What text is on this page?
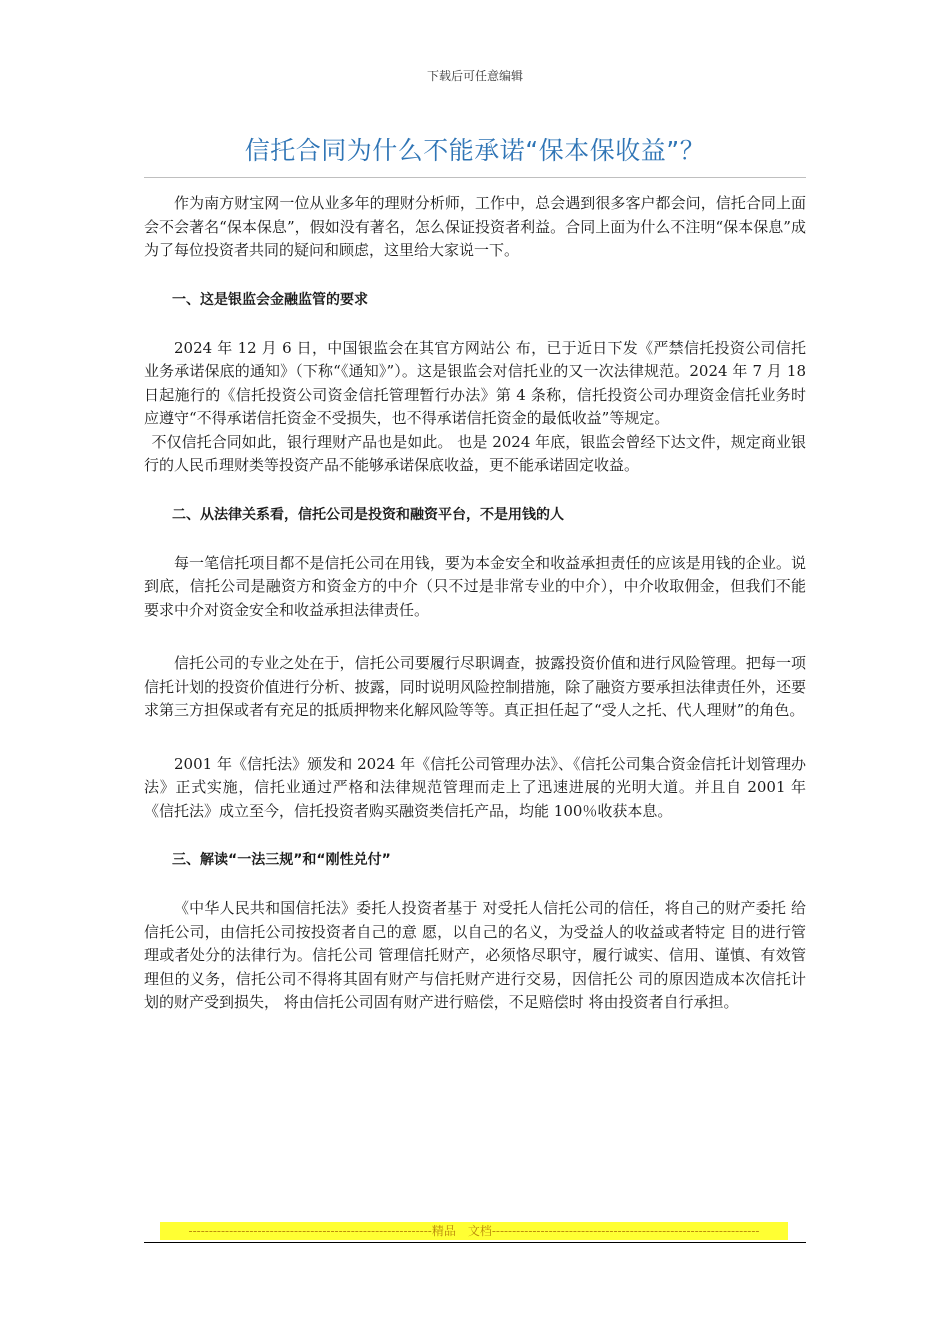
下载后可任意编辑
信托合同为什么不能承诺“保本保收益”？

作为南方财宝网一位从业多年的理财分析师，工作中，总会遇到很多客户都会问，信托合同上面会不会著名“保本保息”，假如没有著名，怎么保证投资者利益。合同上面为什么不注明“保本保息”成为了每位投资者共同的疑问和顾虑，这里给大家说一下。

一、这是银监会金融监管的要求

2024 年 12 月 6 日，中国银监会在其官方网站公 布，已于近日下发《严禁信托投资公司信托业务承诺保底的通知》（下称“《通知》”）。这是银监会对信托业的又一次法律规范。2024 年 7 月 18 日起施行的《信托投资公司资金信托管理暂行办法》第 4 条称，信托投资公司办理资金信托业务时应遵守“不得承诺信托资金不受损失，也不得承诺信托资金的最低收益”等规定。

不仅信托合同如此，银行理财产品也是如此。 也是 2024 年底，银监会曾经下达文件，规定商业银行的人民币理财类等投资产品不能够承诺保底收益，更不能承诺固定收益。

二、从法律关系看，信托公司是投资和融资平台，不是用钱的人

每一笔信托项目都不是信托公司在用钱，要为本金安全和收益承担责任的应该是用钱的企业。说到底，信托公司是融资方和资金方的中介（只不过是非常专业的中介），中介收取佣金，但我们不能要求中介对资金安全和收益承担法律责任。

信托公司的专业之处在于，信托公司要履行尽职调查，披露投资价值和进行风险管理。把每一项信托计划的投资价值进行分析、披露，同时说明风险控制措施，除了融资方要承担法律责任外，还要求第三方担保或者有充足的抵质押物来化解风险等等。真正担任起了“受人之托、代人理财”的角色。

2001 年《信托法》颁发和 2024 年《信托公司管理办法》、《信托公司集合资金信托计划管理办法》正式实施，信托业通过严格和法律规范管理而走上了迅速进展的光明大道。并且自 2001 年《信托法》成立至今，信托投资者购买融资类信托产品，均能 100％收获本息。

三、解读“一法三规”和“刚性兑付”

《中华人民共和国信托法》委托人投资者基于 对受托人信托公司的信任，将自己的财产委托 给信托公司，由信托公司按投资者自己的意 愿，以自己的名义，为受益人的收益或者特定 目的进行管理或者处分的法律行为。信托公司 管理信托财产，必须恪尽职守，履行诚实、信用、谨慎、有效管理但的义务，信托公司不得将其固有财产与信托财产进行交易，因信托公 司的原因造成本次信托计划的财产受到损失， 将由信托公司固有财产进行赔偿，不足赔偿时 将由投资者自行承担。

------------------------------------------------------------精品　文档------------------------------------------------------------------
